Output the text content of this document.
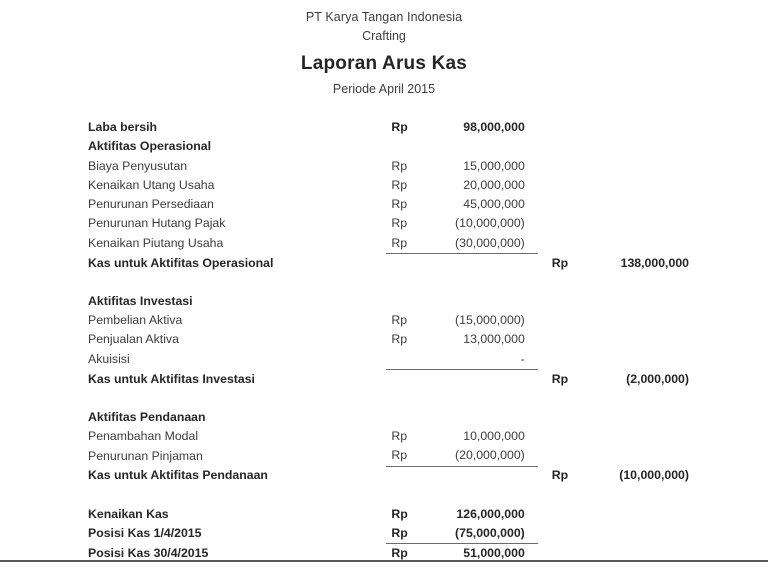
PT Karya Tangan Indonesia
Crafting
Laporan Arus Kas
Periode April 2015
Laba bersih	Rp	98,000,000		
Aktifitas Operasional				
Biaya Penyusutan	Rp	15,000,000		
Kenaikan Utang Usaha	Rp	20,000,000		
Penurunan Persediaan	Rp	45,000,000		
Penurunan Hutang Pajak	Rp	(10,000,000)		
Kenaikan Piutang Usaha	Rp	(30,000,000)		
Kas untuk Aktifitas Operasional			Rp	138,000,000

Aktifitas Investasi				
Pembelian Aktiva	Rp	(15,000,000)		
Penjualan Aktiva	Rp	13,000,000		
Akuisisi		-		
Kas untuk Aktifitas Investasi			Rp	(2,000,000)

Aktifitas Pendanaan				
Penambahan Modal	Rp	10,000,000		
Penurunan Pinjaman	Rp	(20,000,000)		
Kas untuk Aktifitas Pendanaan			Rp	(10,000,000)

Kenaikan Kas	Rp	126,000,000		
Posisi Kas 1/4/2015	Rp	(75,000,000)		
Posisi Kas 30/4/2015	Rp	51,000,000		
